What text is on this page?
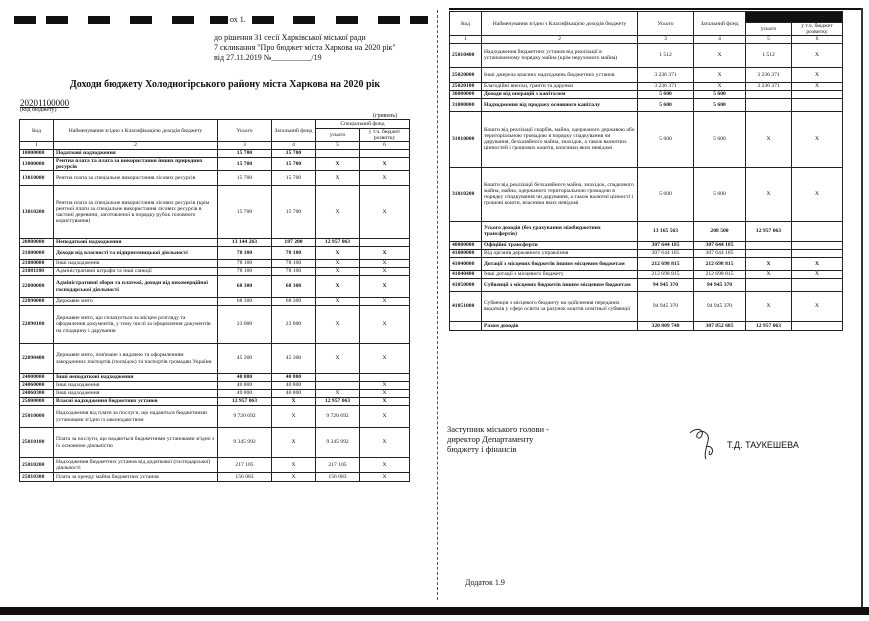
ох 1.
до рішення 31 сесії Харківської міської ради
7 скликання "Про бюджет міста Харкова на 2020 рік"
від 27.11.2019 №__________/19
Доходи бюджету Холодногірського району міста Харкова на 2020 рік
20201100000
(код бюджету)
(гривень)
Код	Найменування згідно з Класифікацією доходів бюджету	Усього	Загальний фонд	Спеціальний фонд	
				усього	у т.ч. бюджет розвитку
1	2	3	4	5	6
10000000	Податкові надходження	15 700	15 700		
13000000	Рентна плата та плата за використання інших природних ресурсів	15 700	15 700	X	X
13010000	Рентна плата за спеціальне використання лісових ресурсів	15 700	15 700	X	X
13010200	Рентна плата за спеціальне використання лісових ресурсів (крім рентної плати за спеціальне використання лісових ресурсів в частині деревини, заготовленої в порядку рубок головного користування)	15 700	15 700	X	X
20000000	Неподаткові надходження	13 144 263	187 200	12 957 063	
21000000	Доходи від власності та підприємницької діяльності	78 100	78 100	X	X
21080000	Інші надходження	78 100	78 100	X	X
21081100	Адміністративні штрафи та інші санкції	78 100	78 100	X	X
22000000	Адміністративні збори та платежі, доходи від некомерційної господарської діяльності	68 300	68 300	X	X
22090000	Державне мито	68 300	68 300	X	X
22090100	Державне мито, що сплачується за місцем розгляду та оформлення документів, у тому числі за оформлення документів на спадщину і дарування	23 000	23 000	X	X
22090400	Державне мито, пов'язане з видачею та оформленням закордонних паспортів (посвідок) та паспортів громадян України	45 300	45 300	X	X
24000000	Інші неподаткові надходження	40 800	40 800		
24060000	Інші надходження	40 800	40 800		X
24060300	Інші надходження	40 800	40 800	X	X
25000000	Власні надходження бюджетних установ	12 957 063	X	12 957 063	X
25010000	Надходження від плати за послуги, що надаються бюджетними установами згідно із законодавством	9 720 692	X	9 720 692	X
25010100	Плата за послуги, що надаються бюджетними установами згідно з їх основною діяльністю	9 345 992	X	9 345 992	X
25010200	Надходження бюджетних установ від додаткової (господарської) діяльності	217 105	X	217 105	X
25010300	Плата за оренду майна бюджетних установ	156 083	X	156 083	X
Код	Найменування згідно з Класифікацією доходів бюджету	Усього	Загальний фонд		
				усього	у т.ч. бюджет розвитку
1	2	3	4	5	6
25010400	Надходження бюджетних установ від реалізації в установленому порядку майна (крім нерухомого майна)	1 512	X	1 512	X
25020000	Інші джерела власних надходжень бюджетних установ	3 236 371	X	3 236 371	X
25020100	Благодійні внески, гранти та дарунки	3 236 371	X	3 236 371	X
30000000	Доходи від операцій з капіталом	5 600	5 600		
31000000	Надходження від продажу основного капіталу	5 600	5 600		
31010000	Кошти від реалізації скарбів, майна, одержаного державою або територіальною громадою в порядку спадкування чи дарування, безхазяйного майна, знахідок, а також валютних цінностей і грошових коштів, власники яких невідомі	5 600	5 600	X	X
31010200	Кошти від реалізації безхазяйного майна, знахідок, спадкового майна, майна, одержаного територіальною громадою в порядку спадкування чи дарування, а також валютні цінності і грошові кошти, власники яких невідомі	5 600	5 600	X	X
	Усього доходів (без урахування міжбюджетних трансфертів)	13 165 563	208 500	12 957 063	
40000000	Офіційні трансферти	307 644 185	307 644 185		
41000000	Від органів державного управління	307 644 185	307 644 185		
41040000	Дотації з місцевих бюджетів іншим місцевим бюджетам	212 698 815	212 698 815	X	X
41040400	Інші дотації з місцевого бюджету	212 698 815	212 698 815	X	X
41050000	Субвенції з місцевих бюджетів іншим місцевим бюджетам	94 945 370	94 945 370		
41051000	Субвенція з місцевого бюджету на здійснення переданих видатків у сфері освіти за рахунок коштів освітньої субвенції	94 945 370	94 945 370	X	X
	Разом доходів	320 809 748	307 852 685	12 957 063	
Заступник міського голови -
директор Департаменту
бюджету і фінансів	Т.Д. ТАУКЕШЕВА
Додаток 1.9
